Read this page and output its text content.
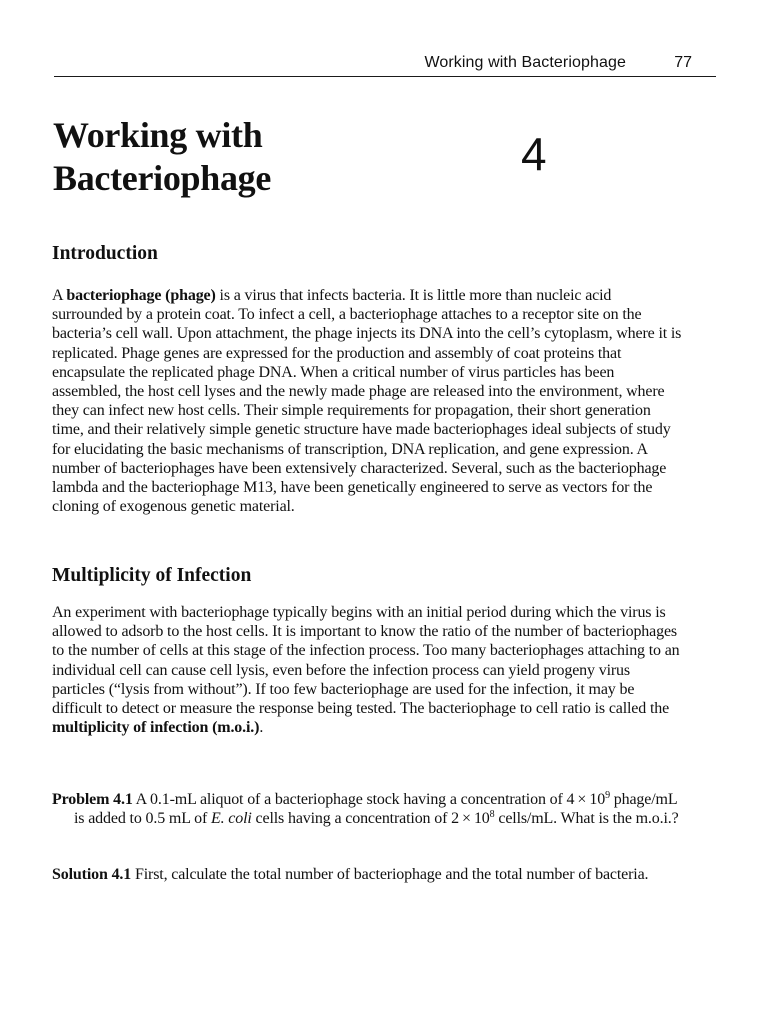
Working with Bacteriophage	77
Working with
Bacteriophage	4
Introduction
A bacteriophage (phage) is a virus that infects bacteria. It is little more than nucleic acid surrounded by a protein coat. To infect a cell, a bacteriophage attaches to a receptor site on the bacteria’s cell wall. Upon attachment, the phage injects its DNA into the cell’s cytoplasm, where it is replicated. Phage genes are expressed for the production and assembly of coat proteins that encapsulate the replicated phage DNA. When a critical number of virus particles has been assembled, the host cell lyses and the newly made phage are released into the environment, where they can infect new host cells. Their simple requirements for propagation, their short generation time, and their relatively simple genetic structure have made bacteriophages ideal subjects of study for elucidating the basic mechanisms of transcription, DNA replication, and gene expression. A number of bacteriophages have been extensively characterized. Several, such as the bacteriophage lambda and the bacteriophage M13, have been genetically engineered to serve as vectors for the cloning of exogenous genetic material.
Multiplicity of Infection
An experiment with bacteriophage typically begins with an initial period during which the virus is allowed to adsorb to the host cells. It is important to know the ratio of the number of bacteriophages to the number of cells at this stage of the infection process. Too many bacteriophages attaching to an individual cell can cause cell lysis, even before the infection process can yield progeny virus particles (“lysis from without”). If too few bacteriophage are used for the infection, it may be difficult to detect or measure the response being tested. The bacteriophage to cell ratio is called the multiplicity of infection (m.o.i.).
Problem 4.1 A 0.1-mL aliquot of a bacteriophage stock having a concentration of $4 \times 10^9$ phage/mL is added to 0.5 mL of E. coli cells having a concentration of $2 \times 10^8$ cells/mL. What is the m.o.i.?
Solution 4.1 First, calculate the total number of bacteriophage and the total number of bacteria.
